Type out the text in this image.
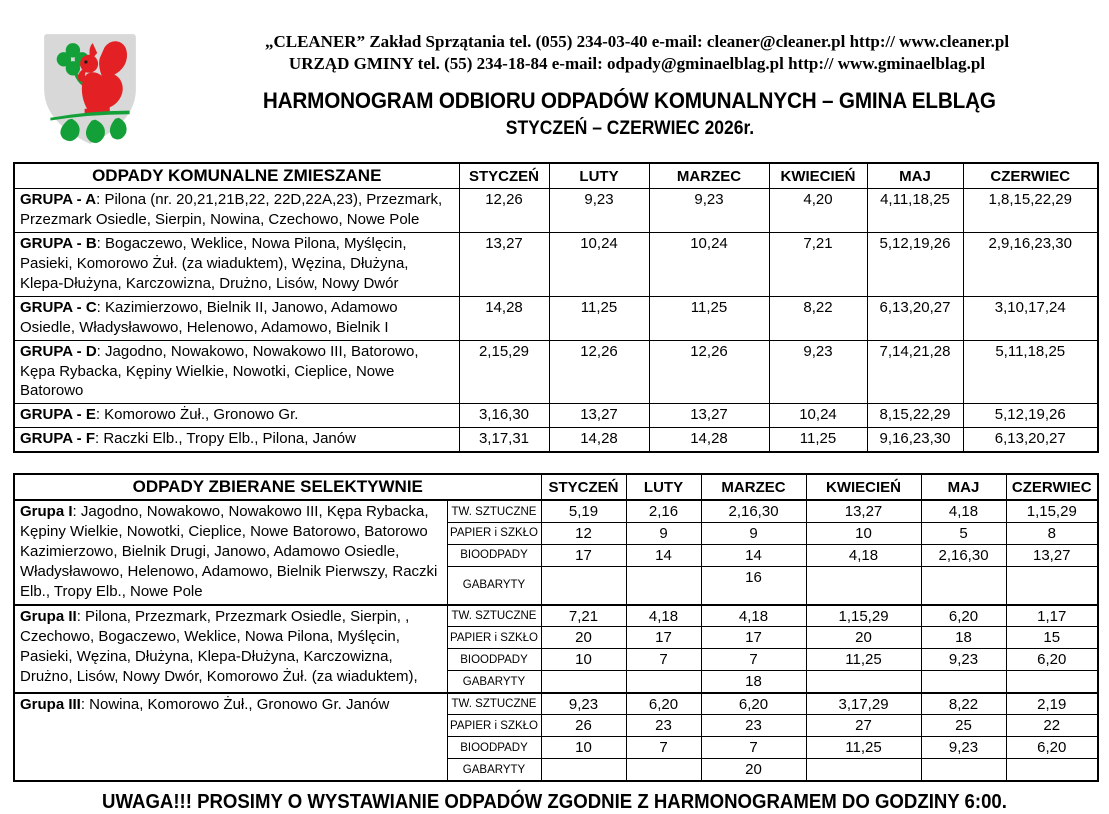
„CLEANER” Zakład Sprzątania tel. (055) 234-03-40 e-mail: cleaner@cleaner.pl http:// www.cleaner.pl
URZĄD GMINY tel. (55) 234-18-84 e-mail: odpady@gminaelblag.pl http:// www.gminaelblag.pl
HARMONOGRAM ODBIORU ODPADÓW KOMUNALNYCH – GMINA ELBLĄG
STYCZEŃ – CZERWIEC 2026r.
ODPADY KOMUNALNE ZMIESZANE	STYCZEŃ	LUTY	MARZEC	KWIECIEŃ	MAJ	CZERWIEC
GRUPA - A: Pilona (nr. 20,21,21B,22, 22D,22A,23), Przezmark, Przezmark Osiedle, Sierpin, Nowina, Czechowo, Nowe Pole	12,26	9,23	9,23	4,20	4,11,18,25	1,8,15,22,29
GRUPA - B: Bogaczewo, Weklice, Nowa Pilona, Myślęcin, Pasieki, Komorowo Żuł. (za wiaduktem), Węzina, Dłużyna, Klepa-Dłużyna, Karczowizna, Drużno, Lisów, Nowy Dwór	13,27	10,24	10,24	7,21	5,12,19,26	2,9,16,23,30
GRUPA - C: Kazimierzowo, Bielnik II, Janowo, Adamowo Osiedle, Władysławowo, Helenowo, Adamowo, Bielnik I	14,28	11,25	11,25	8,22	6,13,20,27	3,10,17,24
GRUPA - D: Jagodno, Nowakowo, Nowakowo III, Batorowo, Kępa Rybacka, Kępiny Wielkie, Nowotki, Cieplice, Nowe Batorowo	2,15,29	12,26	12,26	9,23	7,14,21,28	5,11,18,25
GRUPA - E: Komorowo Żuł., Gronowo Gr.	3,16,30	13,27	13,27	10,24	8,15,22,29	5,12,19,26
GRUPA - F: Raczki Elb., Tropy Elb., Pilona, Janów	3,17,31	14,28	14,28	11,25	9,16,23,30	6,13,20,27
ODPADY ZBIERANE SELEKTYWNIE		STYCZEŃ	LUTY	MARZEC	KWIECIEŃ	MAJ	CZERWIEC
Grupa I: Jagodno, Nowakowo, Nowakowo III, Kępa Rybacka, Kępiny Wielkie, Nowotki, Cieplice, Nowe Batorowo, Batorowo Kazimierzowo, Bielnik Drugi, Janowo, Adamowo Osiedle, Władysławowo, Helenowo, Adamowo, Bielnik Pierwszy, Raczki Elb., Tropy Elb., Nowe Pole	TW. SZTUCZNE	5,19	2,16	2,16,30	13,27	4,18	1,15,29
	PAPIER i SZKŁO	12	9	9	10	5	8
	BIOODPADY	17	14	14	4,18	2,16,30	13,27
	GABARYTY			16			
Grupa II: Pilona, Przezmark, Przezmark Osiedle, Sierpin, , Czechowo, Bogaczewo, Weklice, Nowa Pilona, Myślęcin, Pasieki, Węzina, Dłużyna, Klepa-Dłużyna, Karczowizna, Drużno, Lisów, Nowy Dwór, Komorowo Żuł. (za wiaduktem),	TW. SZTUCZNE	7,21	4,18	4,18	1,15,29	6,20	1,17
	PAPIER i SZKŁO	20	17	17	20	18	15
	BIOODPADY	10	7	7	11,25	9,23	6,20
	GABARYTY			18			
Grupa III: Nowina, Komorowo Żuł., Gronowo Gr. Janów	TW. SZTUCZNE	9,23	6,20	6,20	3,17,29	8,22	2,19
	PAPIER i SZKŁO	26	23	23	27	25	22
	BIOODPADY	10	7	7	11,25	9,23	6,20
	GABARYTY			20			
UWAGA!!! PROSIMY O WYSTAWIANIE ODPADÓW ZGODNIE Z HARMONOGRAMEM DO GODZINY 6:00.
